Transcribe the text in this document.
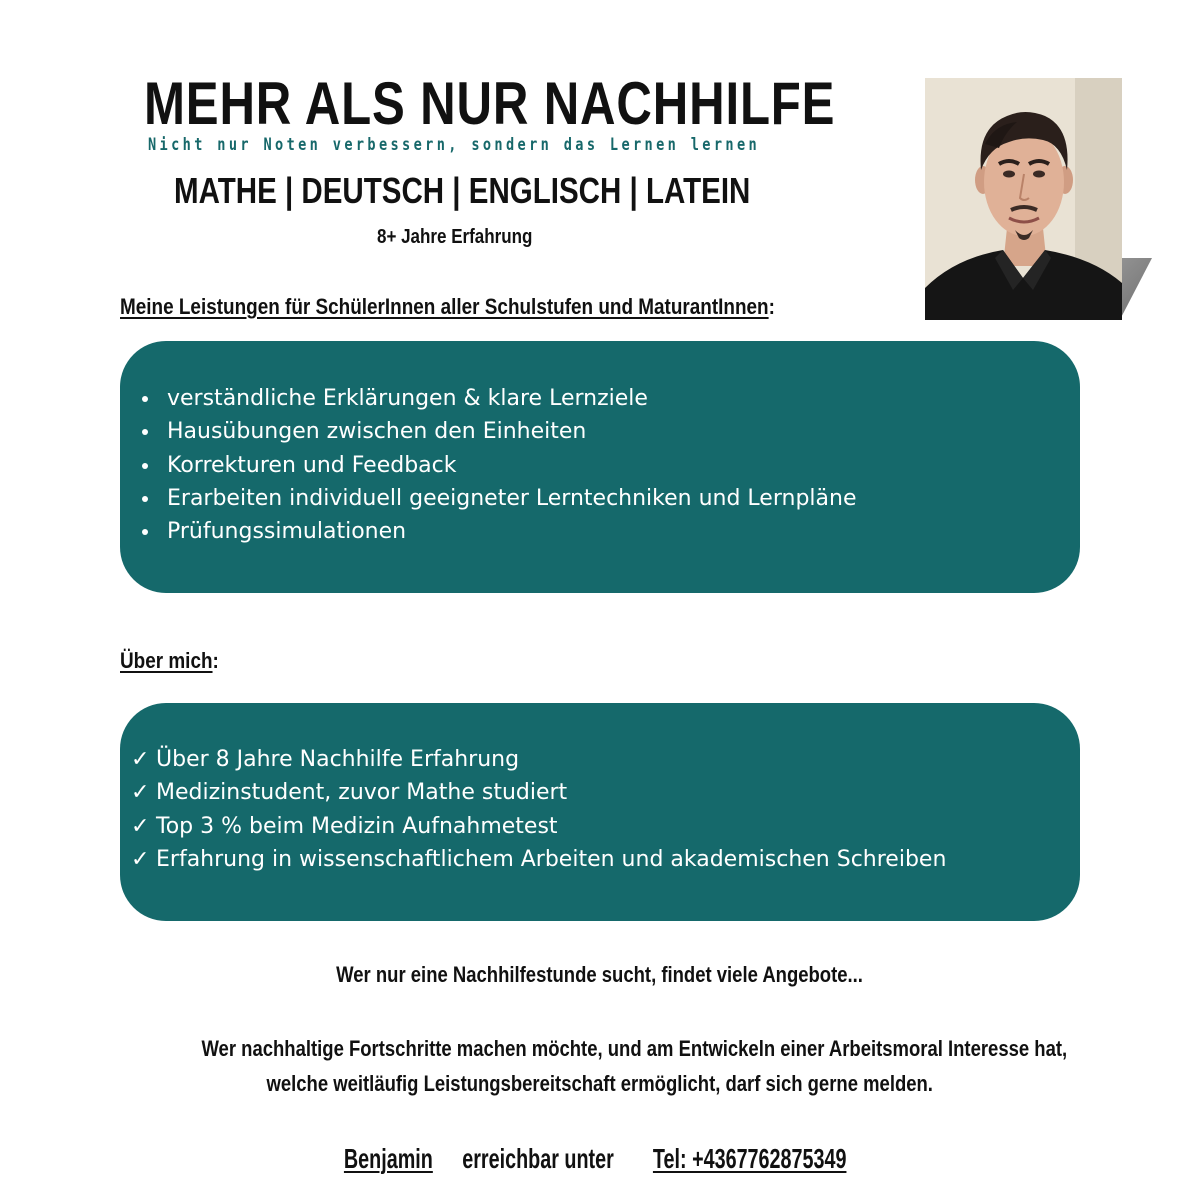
MEHR ALS NUR NACHHILFE
Nicht nur Noten verbessern, sondern das Lernen lernen
MATHE | DEUTSCH | ENGLISCH | LATEIN
8+ Jahre Erfahrung
Meine Leistungen für SchülerInnen aller Schulstufen und MaturantInnen:
verständliche Erklärungen & klare Lernziele
Hausübungen zwischen den Einheiten
Korrekturen und Feedback
Erarbeiten individuell geeigneter Lerntechniken und Lernpläne
Prüfungssimulationen
Über mich:
✓ Über 8 Jahre Nachhilfe Erfahrung
✓ Medizinstudent, zuvor Mathe studiert
✓ Top 3 % beim Medizin Aufnahmetest
✓ Erfahrung in wissenschaftlichem Arbeiten und akademischen Schreiben
Wer nur eine Nachhilfestunde sucht, findet viele Angebote...
Wer nachhaltige Fortschritte machen möchte, und am Entwickeln einer Arbeitsmoral Interesse hat,
welche weitläufig Leistungsbereitschaft ermöglicht, darf sich gerne melden.
Benjamin erreichbar unter Tel: +4367762875349
